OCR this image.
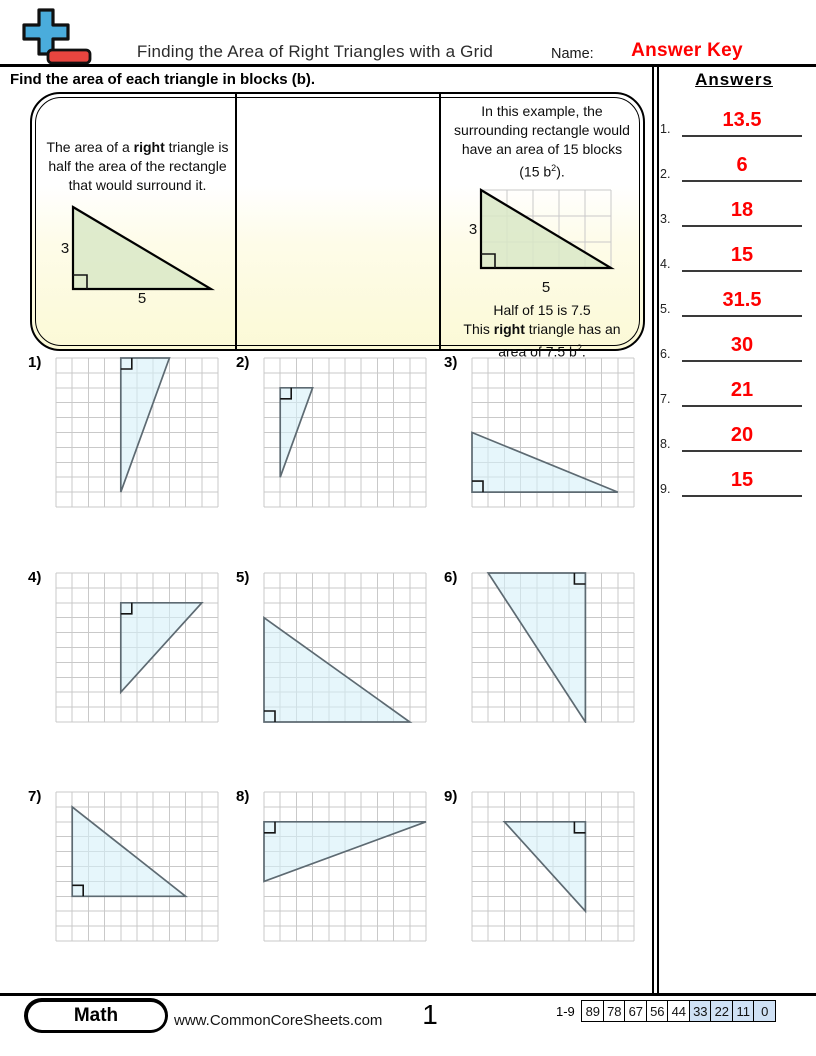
Finding the Area of Right Triangles with a Grid	Name:	Answer Key
Find the area of each triangle in blocks (b).	Answers
1.	13.5
2.	6
3.	18
4.	15
5.	31.5
6.	30
7.	21
8.	20
9.	15
The area of a right triangle is
half the area of the rectangle
that would surround it.
3
5
In this example, the
surrounding rectangle would
have an area of 15 blocks
(15 $b^2$).
3
5
Half of 15 is 7.5
This right triangle has an
area of 7.5 $b^2$.
1)	2)	3)
4)	5)	6)
7)	8)	9)
Math	www.CommonCoreSheets.com	1	1-9 89 78 67 56 44 33 22 11 0
